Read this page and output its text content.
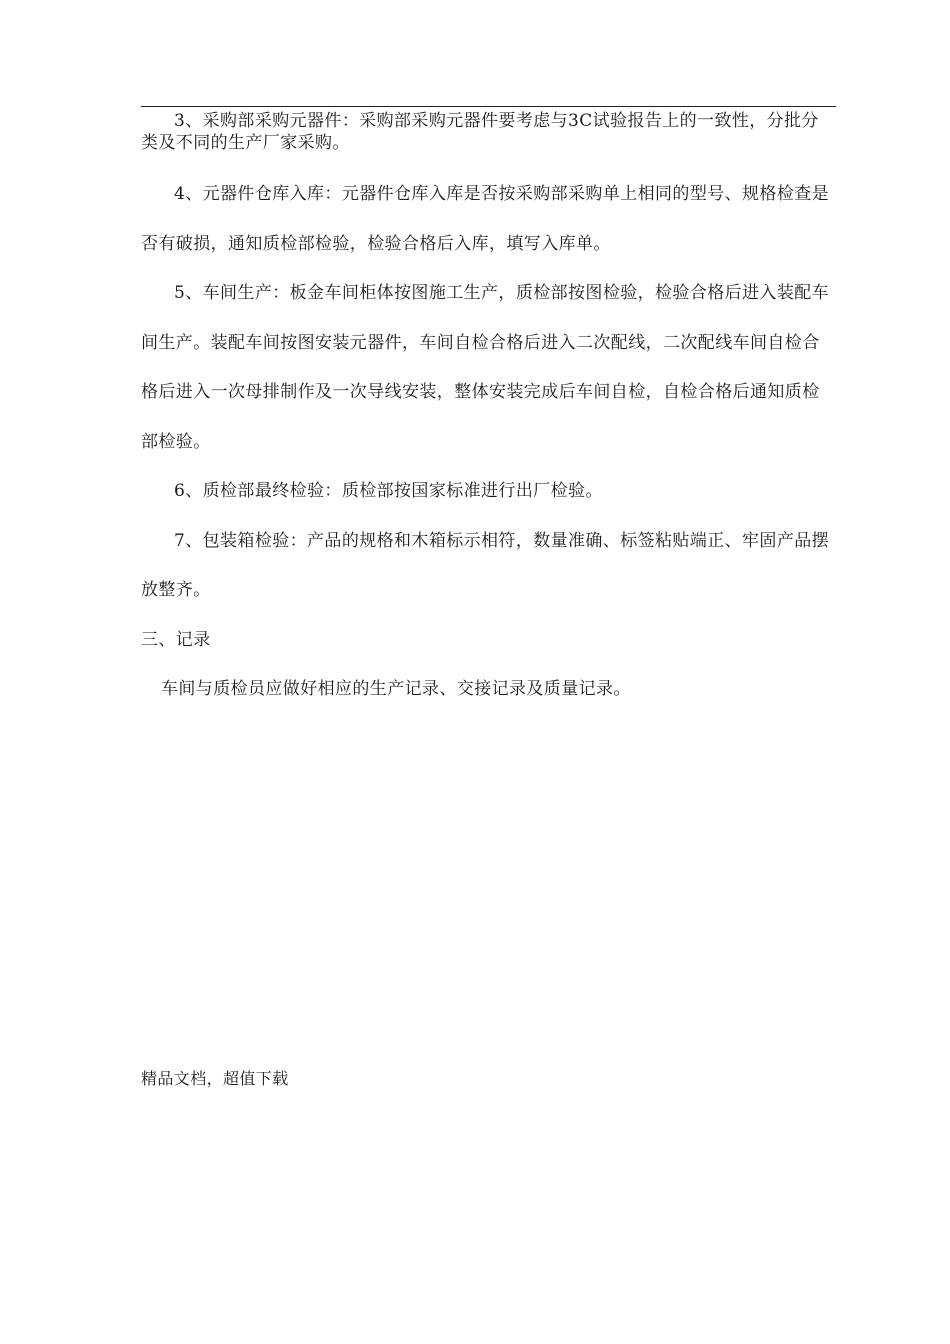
3、采购部采购元器件：采购部采购元器件要考虑与3C试验报告上的一致性，分批分类及不同的生产厂家采购。

4、元器件仓库入库：元器件仓库入库是否按采购部采购单上相同的型号、规格检查是否有破损，通知质检部检验，检验合格后入库，填写入库单。

5、车间生产：板金车间柜体按图施工生产，质检部按图检验，检验合格后进入装配车间生产。装配车间按图安装元器件，车间自检合格后进入二次配线，二次配线车间自检合格后进入一次母排制作及一次导线安装，整体安装完成后车间自检，自检合格后通知质检部检验。

6、质检部最终检验：质检部按国家标准进行出厂检验。

7、包装箱检验：产品的规格和木箱标示相符，数量准确、标签粘贴端正、牢固产品摆放整齐。

三、记录

车间与质检员应做好相应的生产记录、交接记录及质量记录。

精品文档，超值下载
